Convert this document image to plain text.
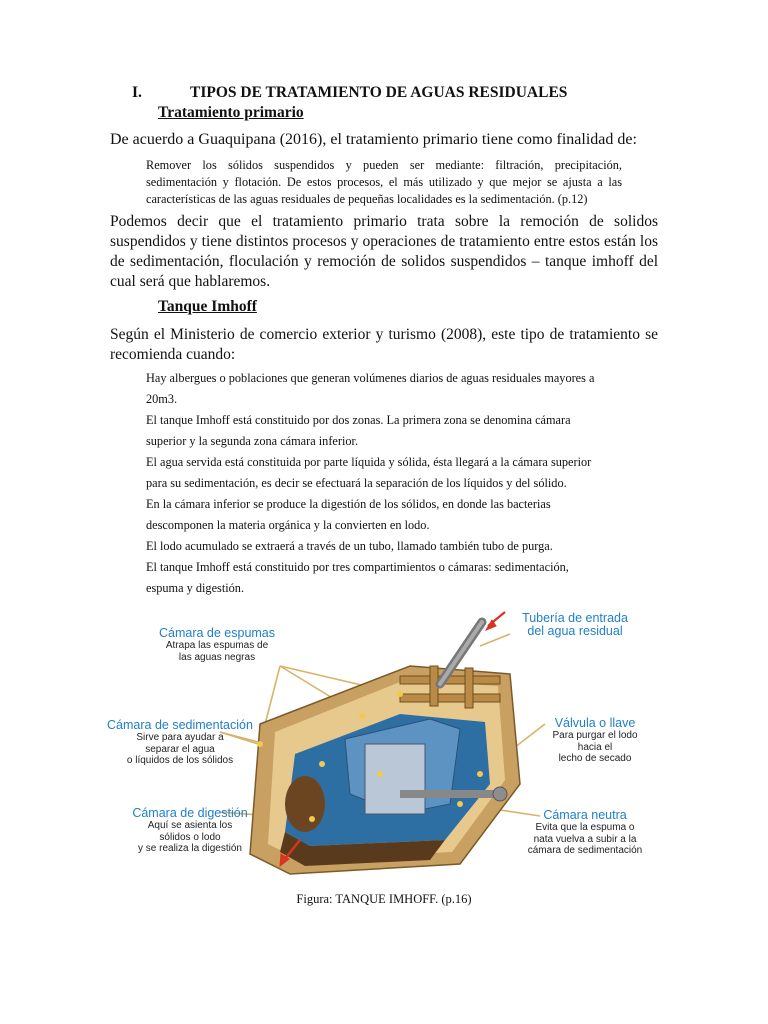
I.	TIPOS DE TRATAMIENTO DE AGUAS RESIDUALES
Tratamiento primario
De acuerdo a Guaquipana (2016), el tratamiento primario tiene como finalidad de:
Remover los sólidos suspendidos y pueden ser mediante: filtración, precipitación, sedimentación y flotación. De estos procesos, el más utilizado y que mejor se ajusta a las características de las aguas residuales de pequeñas localidades es la sedimentación. (p.12)
Podemos decir que el tratamiento primario trata sobre la remoción de solidos suspendidos y tiene distintos procesos y operaciones de tratamiento entre estos están los de sedimentación, floculación y remoción de solidos suspendidos – tanque imhoff del cual será que hablaremos.
Tanque Imhoff
Según el Ministerio de comercio exterior y turismo (2008), este tipo de tratamiento se recomienda cuando:
Hay albergues o poblaciones que generan volúmenes diarios de aguas residuales mayores a
20m3.
El tanque Imhoff está constituido por dos zonas. La primera zona se denomina cámara
superior y la segunda zona cámara inferior.
El agua servida está constituida por parte líquida y sólida, ésta llegará a la cámara superior
para su sedimentación, es decir se efectuará la separación de los líquidos y del sólido.
En la cámara inferior se produce la digestión de los sólidos, en donde las bacterias
descomponen la materia orgánica y la convierten en lodo.
El lodo acumulado se extraerá a través de un tubo, llamado también tubo de purga.
El tanque Imhoff está constituido por tres compartimientos o cámaras: sedimentación,
espuma y digestión.
Cámara de espumas
Atrapa las espumas de
las aguas negras
Cámara de sedimentación
Sirve para ayudar a
separar el agua
o líquidos de los sólidos
Cámara de digestión
Aquí se asienta los
sólidos o lodo
y se realiza la digestión
Tubería de entrada
del agua residual
Válvula o llave
Para purgar el lodo
hacia el
lecho de secado
Cámara neutra
Evita que la espuma o
nata vuelva a subir a la
cámara de sedimentación
Figura: TANQUE IMHOFF. (p.16)
